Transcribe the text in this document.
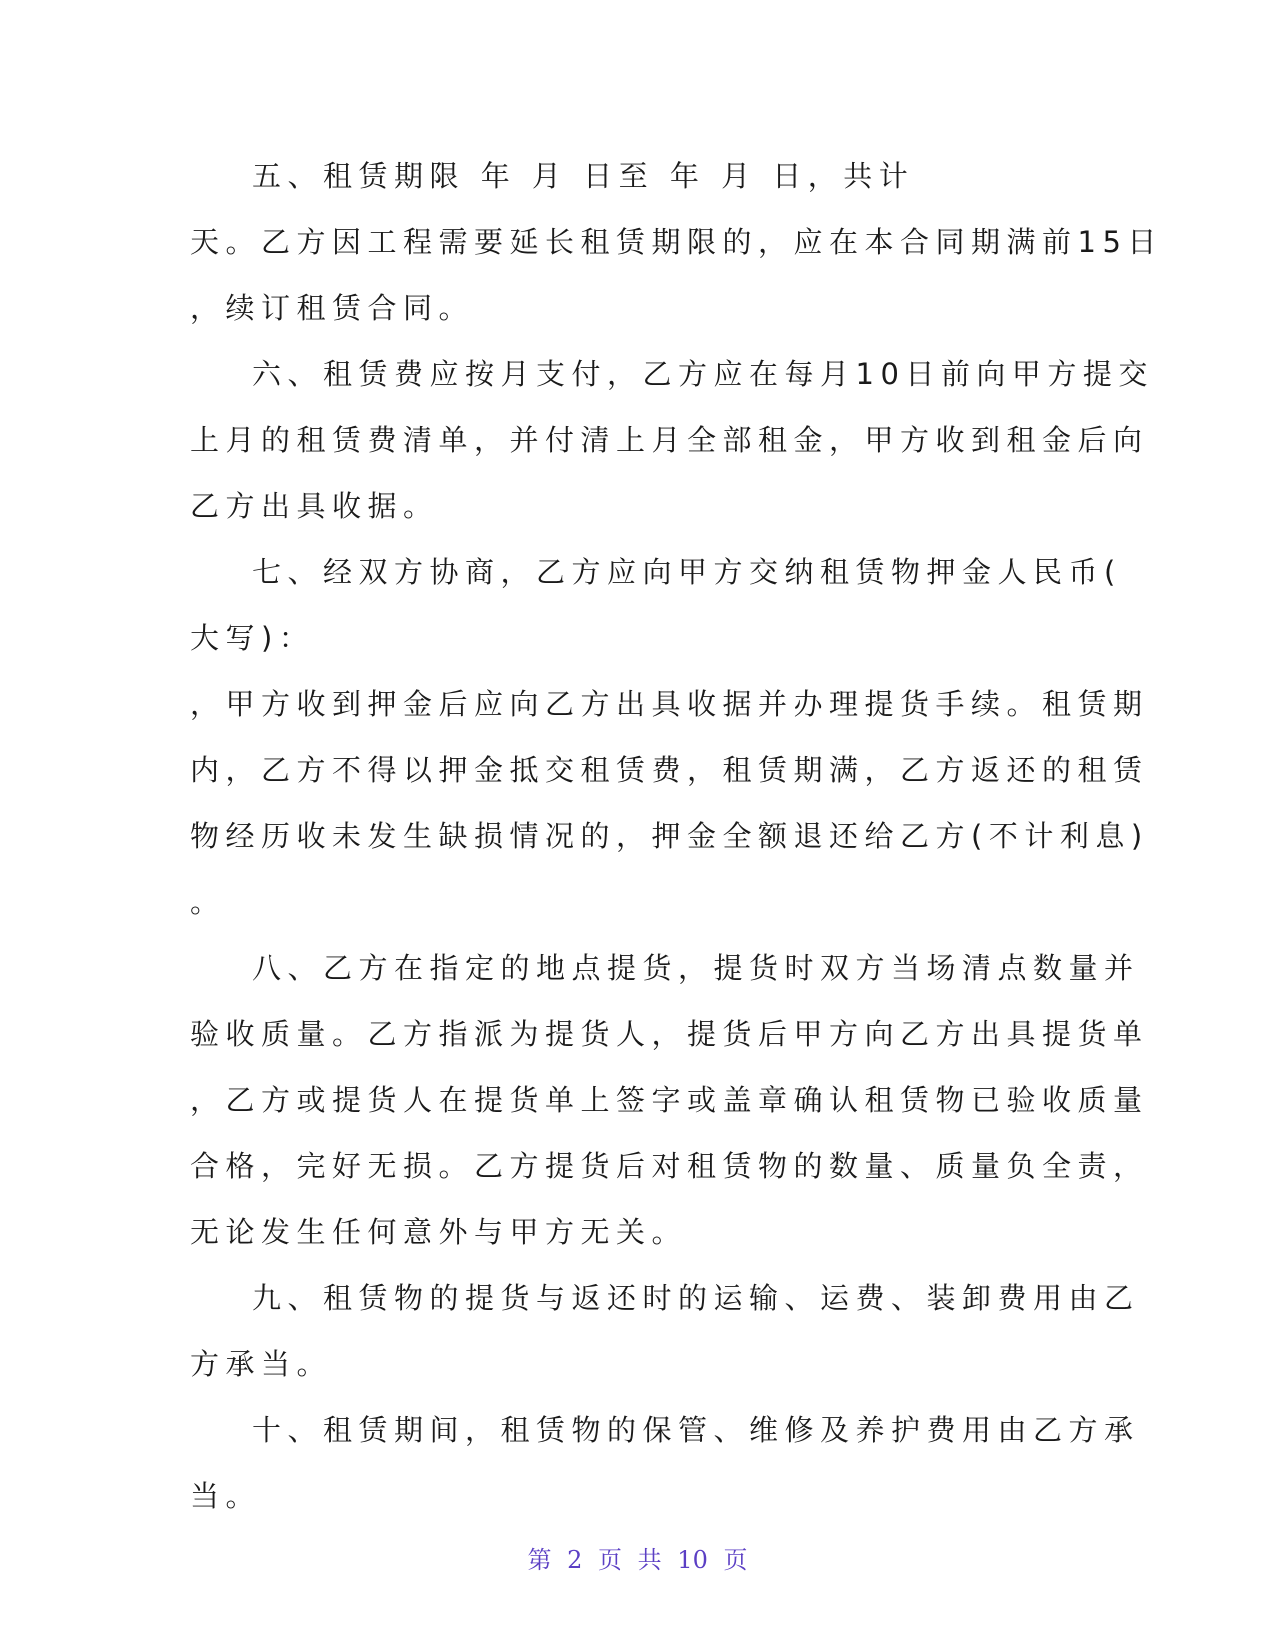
五、租赁期限 年 月 日至 年 月 日，共计
天。乙方因工程需要延长租赁期限的，应在本合同期满前15日
，续订租赁合同。
六、租赁费应按月支付，乙方应在每月10日前向甲方提交
上月的租赁费清单，并付清上月全部租金，甲方收到租金后向
乙方出具收据。
七、经双方协商，乙方应向甲方交纳租赁物押金人民币(
大写)：
，甲方收到押金后应向乙方出具收据并办理提货手续。租赁期
内，乙方不得以押金抵交租赁费，租赁期满，乙方返还的租赁
物经历收未发生缺损情况的，押金全额退还给乙方(不计利息)
。
八、乙方在指定的地点提货，提货时双方当场清点数量并
验收质量。乙方指派为提货人，提货后甲方向乙方出具提货单
，乙方或提货人在提货单上签字或盖章确认租赁物已验收质量
合格，完好无损。乙方提货后对租赁物的数量、质量负全责，
无论发生任何意外与甲方无关。
九、租赁物的提货与返还时的运输、运费、装卸费用由乙
方承当。
十、租赁期间，租赁物的保管、维修及养护费用由乙方承
当。
第 2 页 共 10 页
